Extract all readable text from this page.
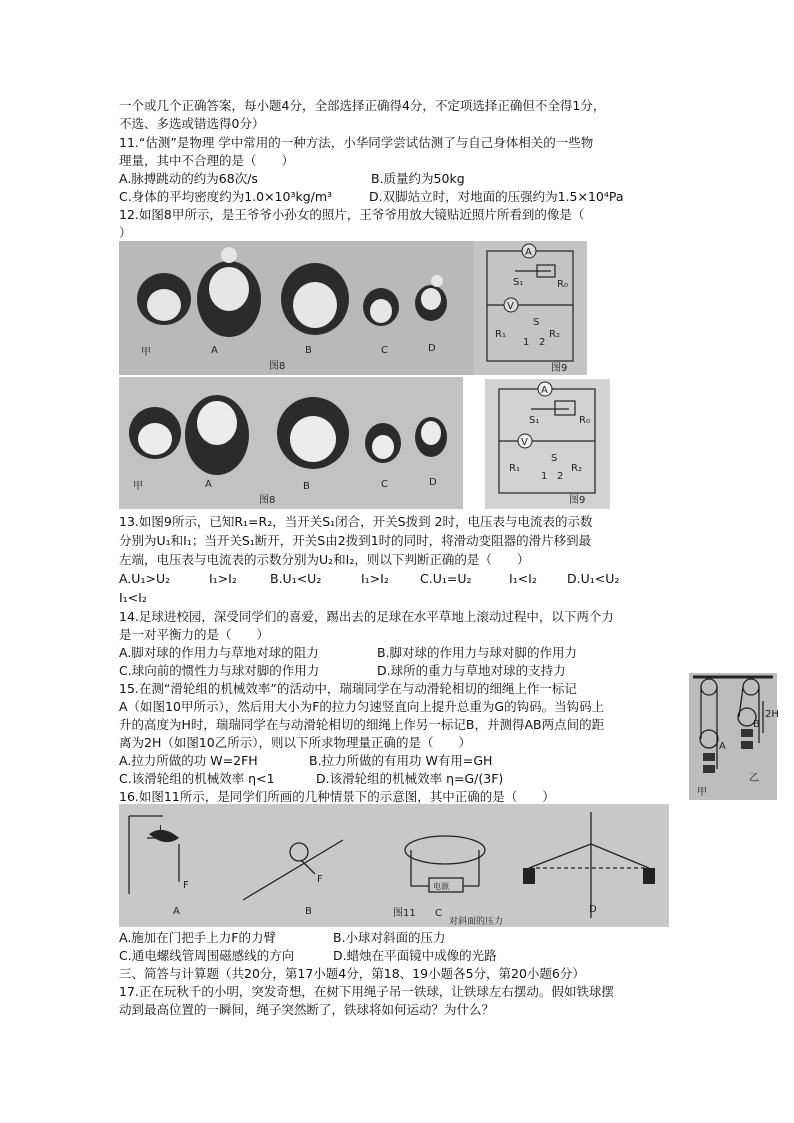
一个或几个正确答案，每小题4分，全部选择正确得4分，不定项选择正确但不全得1分，
不选、多选或错选得0分）
11.“估测”是物理 学中常用的一种方法，小华同学尝试估测了与自己身体相关的一些物
理量，其中不合理的是（　　）
A.脉搏跳动的约为68次/s	B.质量约为50kg
C.身体的平均密度约为1.0×10³kg/m³	D.双脚站立时，对地面的压强约为1.5×10⁴Pa
12.如图8甲所示，是王爷爷小孙女的照片，王爷爷用放大镜贴近照片所看到的像是（
）
甲	A	B	C	D
图8
A
V
S₁	R₀
R₁	R₂
S
1 2
图9
甲	A	B	C	D
图8
A
V
S₁	R₀
R₁	R₂
S
1 2
图9
13.如图9所示，已知R₁=R₂，当开关S₁闭合，开关S拨到 2时，电压表与电流表的示数
分别为U₁和I₁；当开关S₁断开，开关S由2拨到1时的同时，将滑动变阻器的滑片移到最
左端，电压表与电流表的示数分别为U₂和I₂，则以下判断正确的是（　　）
A.U₁>U₂	I₁>I₂	B.U₁<U₂	I₁>I₂ C.U₁=U₂	I₁<I₂ D.U₁<U₂
I₁<I₂
14.足球进校园，深受同学们的喜爱，踢出去的足球在水平草地上滚动过程中，以下两个力
是一对平衡力的是（　　）
A.脚对球的作用力与草地对球的阻力	B.脚对球的作用力与球对脚的作用力
C.球向前的惯性力与球对脚的作用力	D.球所的重力与草地对球的支持力
15.在测“滑轮组的机械效率”的活动中，瑞瑞同学在与动滑轮相切的细绳上作一标记
A（如图10甲所示），然后用大小为F的拉力匀速竖直向上提升总重为G的钩码。当钩码上
升的高度为H时，瑞瑞同学在与动滑轮相切的细绳上作另一标记B，并测得AB两点间的距
离为2H（如图10乙所示），则以下所求物理量正确的是（　　）
A.拉力所做的功 W=2FH	B.拉力所做的有用功 W有用=GH
C.该滑轮组的机械效率 η<1	D.该滑轮组的机械效率 η=G/(3F)
2H
A
B
甲
乙
16.如图11所示，是同学们所画的几种情景下的示意图，其中正确的是（　　）
F
L
F
电源
A	B	C	D
图11
对斜面的压力
A.施加在门把手上力F的力臂	B.小球对斜面的压力
C.通电螺线管周围磁感线的方向	D.蜡烛在平面镜中成像的光路
三、简答与计算题（共20分，第17小题4分，第18、19小题各5分，第20小题6分）
17.正在玩秋千的小明，突发奇想，在树下用绳子吊一铁球，让铁球左右摆动。假如铁球摆
动到最高位置的一瞬间，绳子突然断了，铁球将如何运动？为什么？
